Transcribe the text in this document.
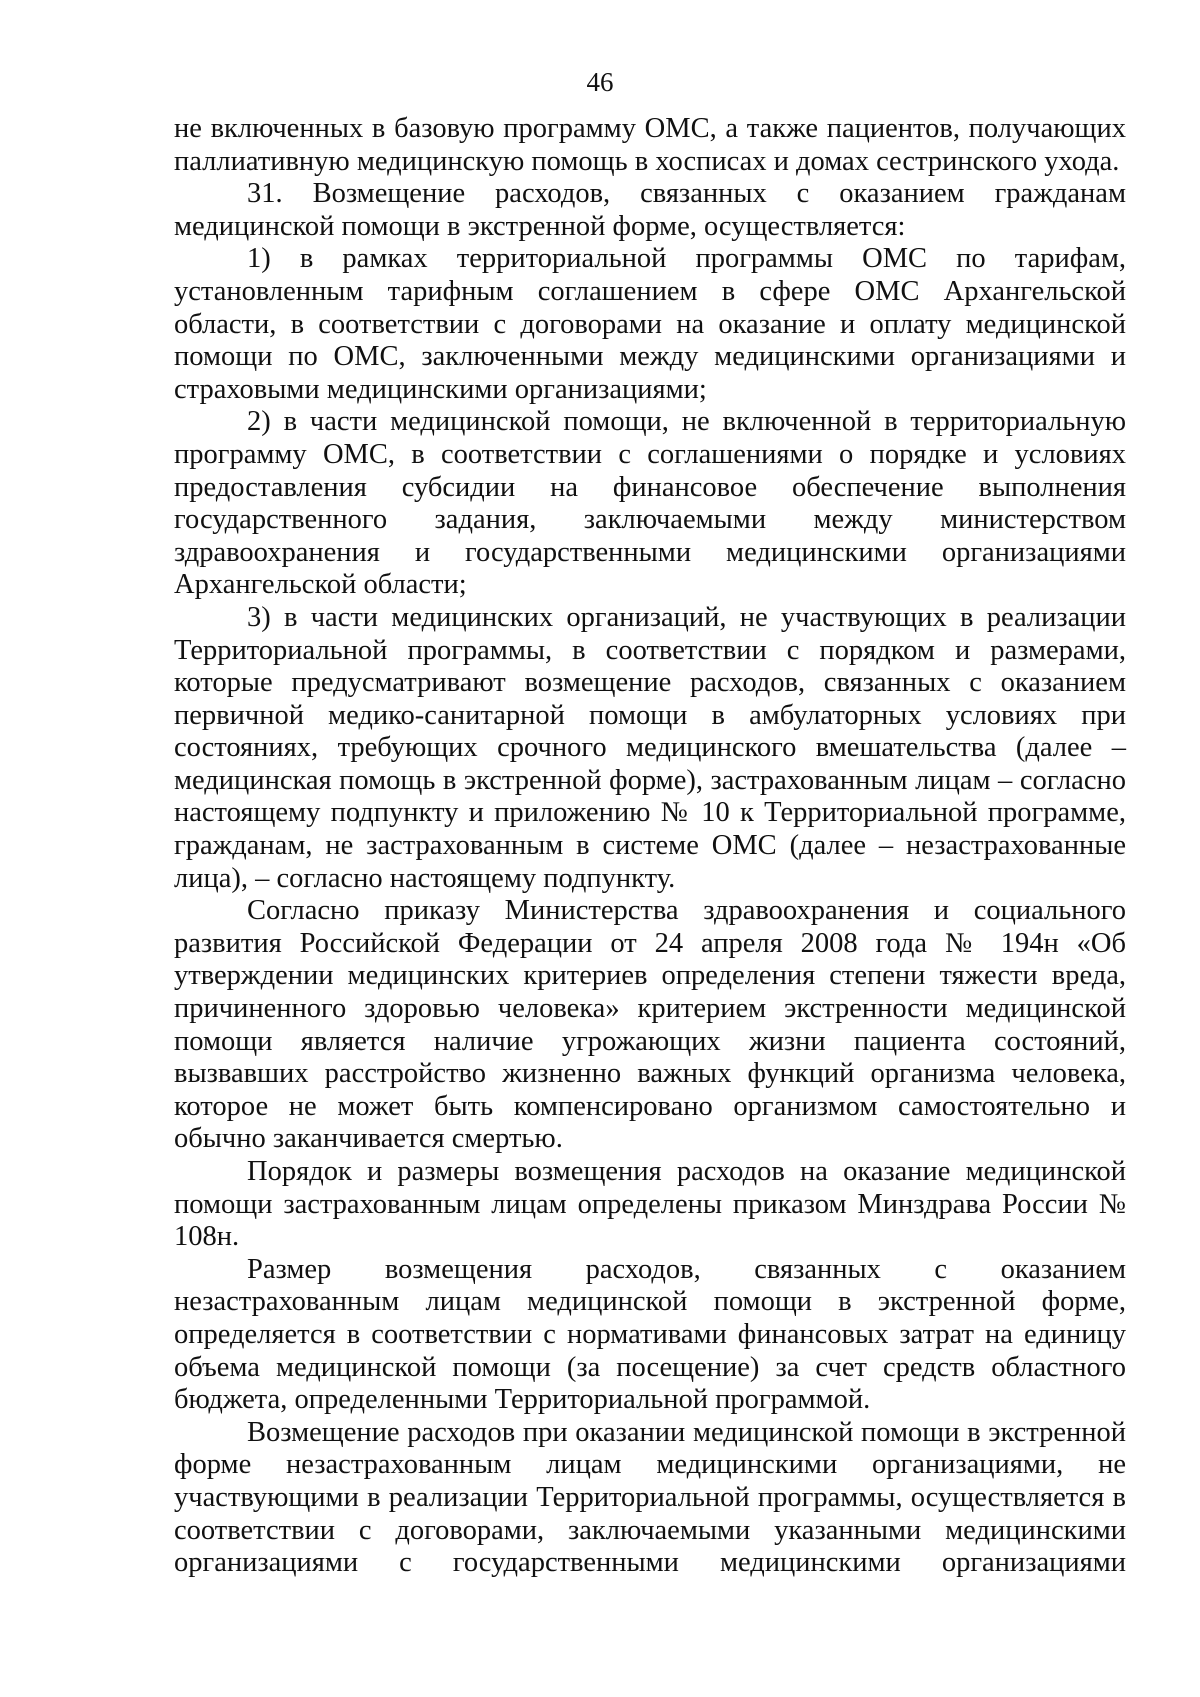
46

не включенных в базовую программу ОМС, а также пациентов, получающих паллиативную медицинскую помощь в хосписах и домах сестринского ухода.

31. Возмещение расходов, связанных с оказанием гражданам медицинской помощи в экстренной форме, осуществляется:

1) в рамках территориальной программы ОМС по тарифам, установленным тарифным соглашением в сфере ОМС Архангельской области, в соответствии с договорами на оказание и оплату медицинской помощи по ОМС, заключенными между медицинскими организациями и страховыми медицинскими организациями;

2) в части медицинской помощи, не включенной в территориальную программу ОМС, в соответствии с соглашениями о порядке и условиях предоставления субсидии на финансовое обеспечение выполнения государственного задания, заключаемыми между министерством здравоохранения и государственными медицинскими организациями Архангельской области;

3) в части медицинских организаций, не участвующих в реализации Территориальной программы, в соответствии с порядком и размерами, которые предусматривают возмещение расходов, связанных с оказанием первичной медико-санитарной помощи в амбулаторных условиях при состояниях, требующих срочного медицинского вмешательства (далее – медицинская помощь в экстренной форме), застрахованным лицам – согласно настоящему подпункту и приложению № 10 к Территориальной программе, гражданам, не застрахованным в системе ОМС (далее – незастрахованные лица), – согласно настоящему подпункту.

Согласно приказу Министерства здравоохранения и социального развития Российской Федерации от 24 апреля 2008 года № 194н «Об утверждении медицинских критериев определения степени тяжести вреда, причиненного здоровью человека» критерием экстренности медицинской помощи является наличие угрожающих жизни пациента состояний, вызвавших расстройство жизненно важных функций организма человека, которое не может быть компенсировано организмом самостоятельно и обычно заканчивается смертью.

Порядок и размеры возмещения расходов на оказание медицинской помощи застрахованным лицам определены приказом Минздрава России № 108н.

Размер возмещения расходов, связанных с оказанием незастрахованным лицам медицинской помощи в экстренной форме, определяется в соответствии с нормативами финансовых затрат на единицу объема медицинской помощи (за посещение) за счет средств областного бюджета, определенными Территориальной программой.

Возмещение расходов при оказании медицинской помощи в экстренной форме незастрахованным лицам медицинскими организациями, не участвующими в реализации Территориальной программы, осуществляется в соответствии с договорами, заключаемыми указанными медицинскими организациями с государственными медицинскими организациями
